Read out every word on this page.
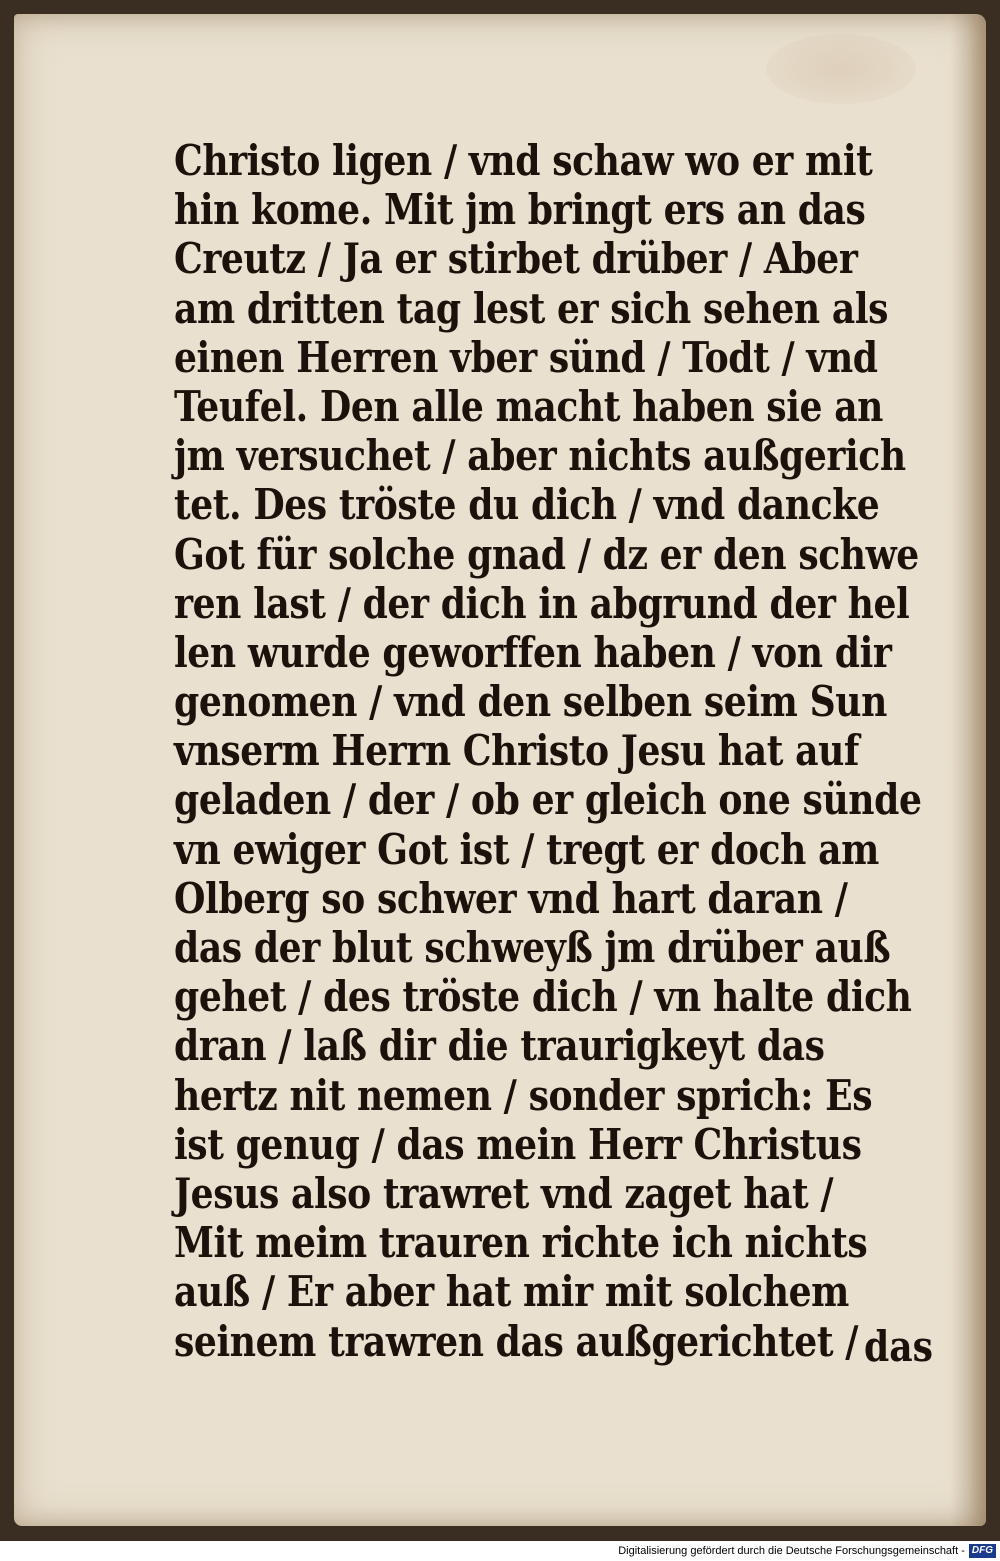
Christo ligen / vnd schaw wo er mit
hin kome. Mit jm bringt ers an das
Creutz / Ja er stirbet drüber / Aber
am dritten tag lest er sich sehen als
einen Herren vber sünd / Todt / vnd
Teufel. Den alle macht haben sie an
jm versuchet / aber nichts außgerich
tet. Des tröste du dich / vnd dancke
Got für solche gnad / dz er den schwe
ren last / der dich in abgrund der hel
len wurde geworffen haben / von dir
genomen / vnd den selben seim Sun
vnserm Herrn Christo Jesu hat auf
geladen / der / ob er gleich one sünde
vn ewiger Got ist / tregt er doch am
Olberg so schwer vnd hart daran /
das der blut schweyß jm drüber auß
gehet / des tröste dich / vn halte dich
dran / laß dir die traurigkeyt das
hertz nit nemen / sonder sprich: Es
ist genug / das mein Herr Christus
Jesus also trawret vnd zaget hat /
Mit meim trauren richte ich nichts
auß / Er aber hat mir mit solchem
seinem trawren das außgerichtet / das
Digitalisierung gefördert durch die Deutsche Forschungsgemeinschaft - DFG
